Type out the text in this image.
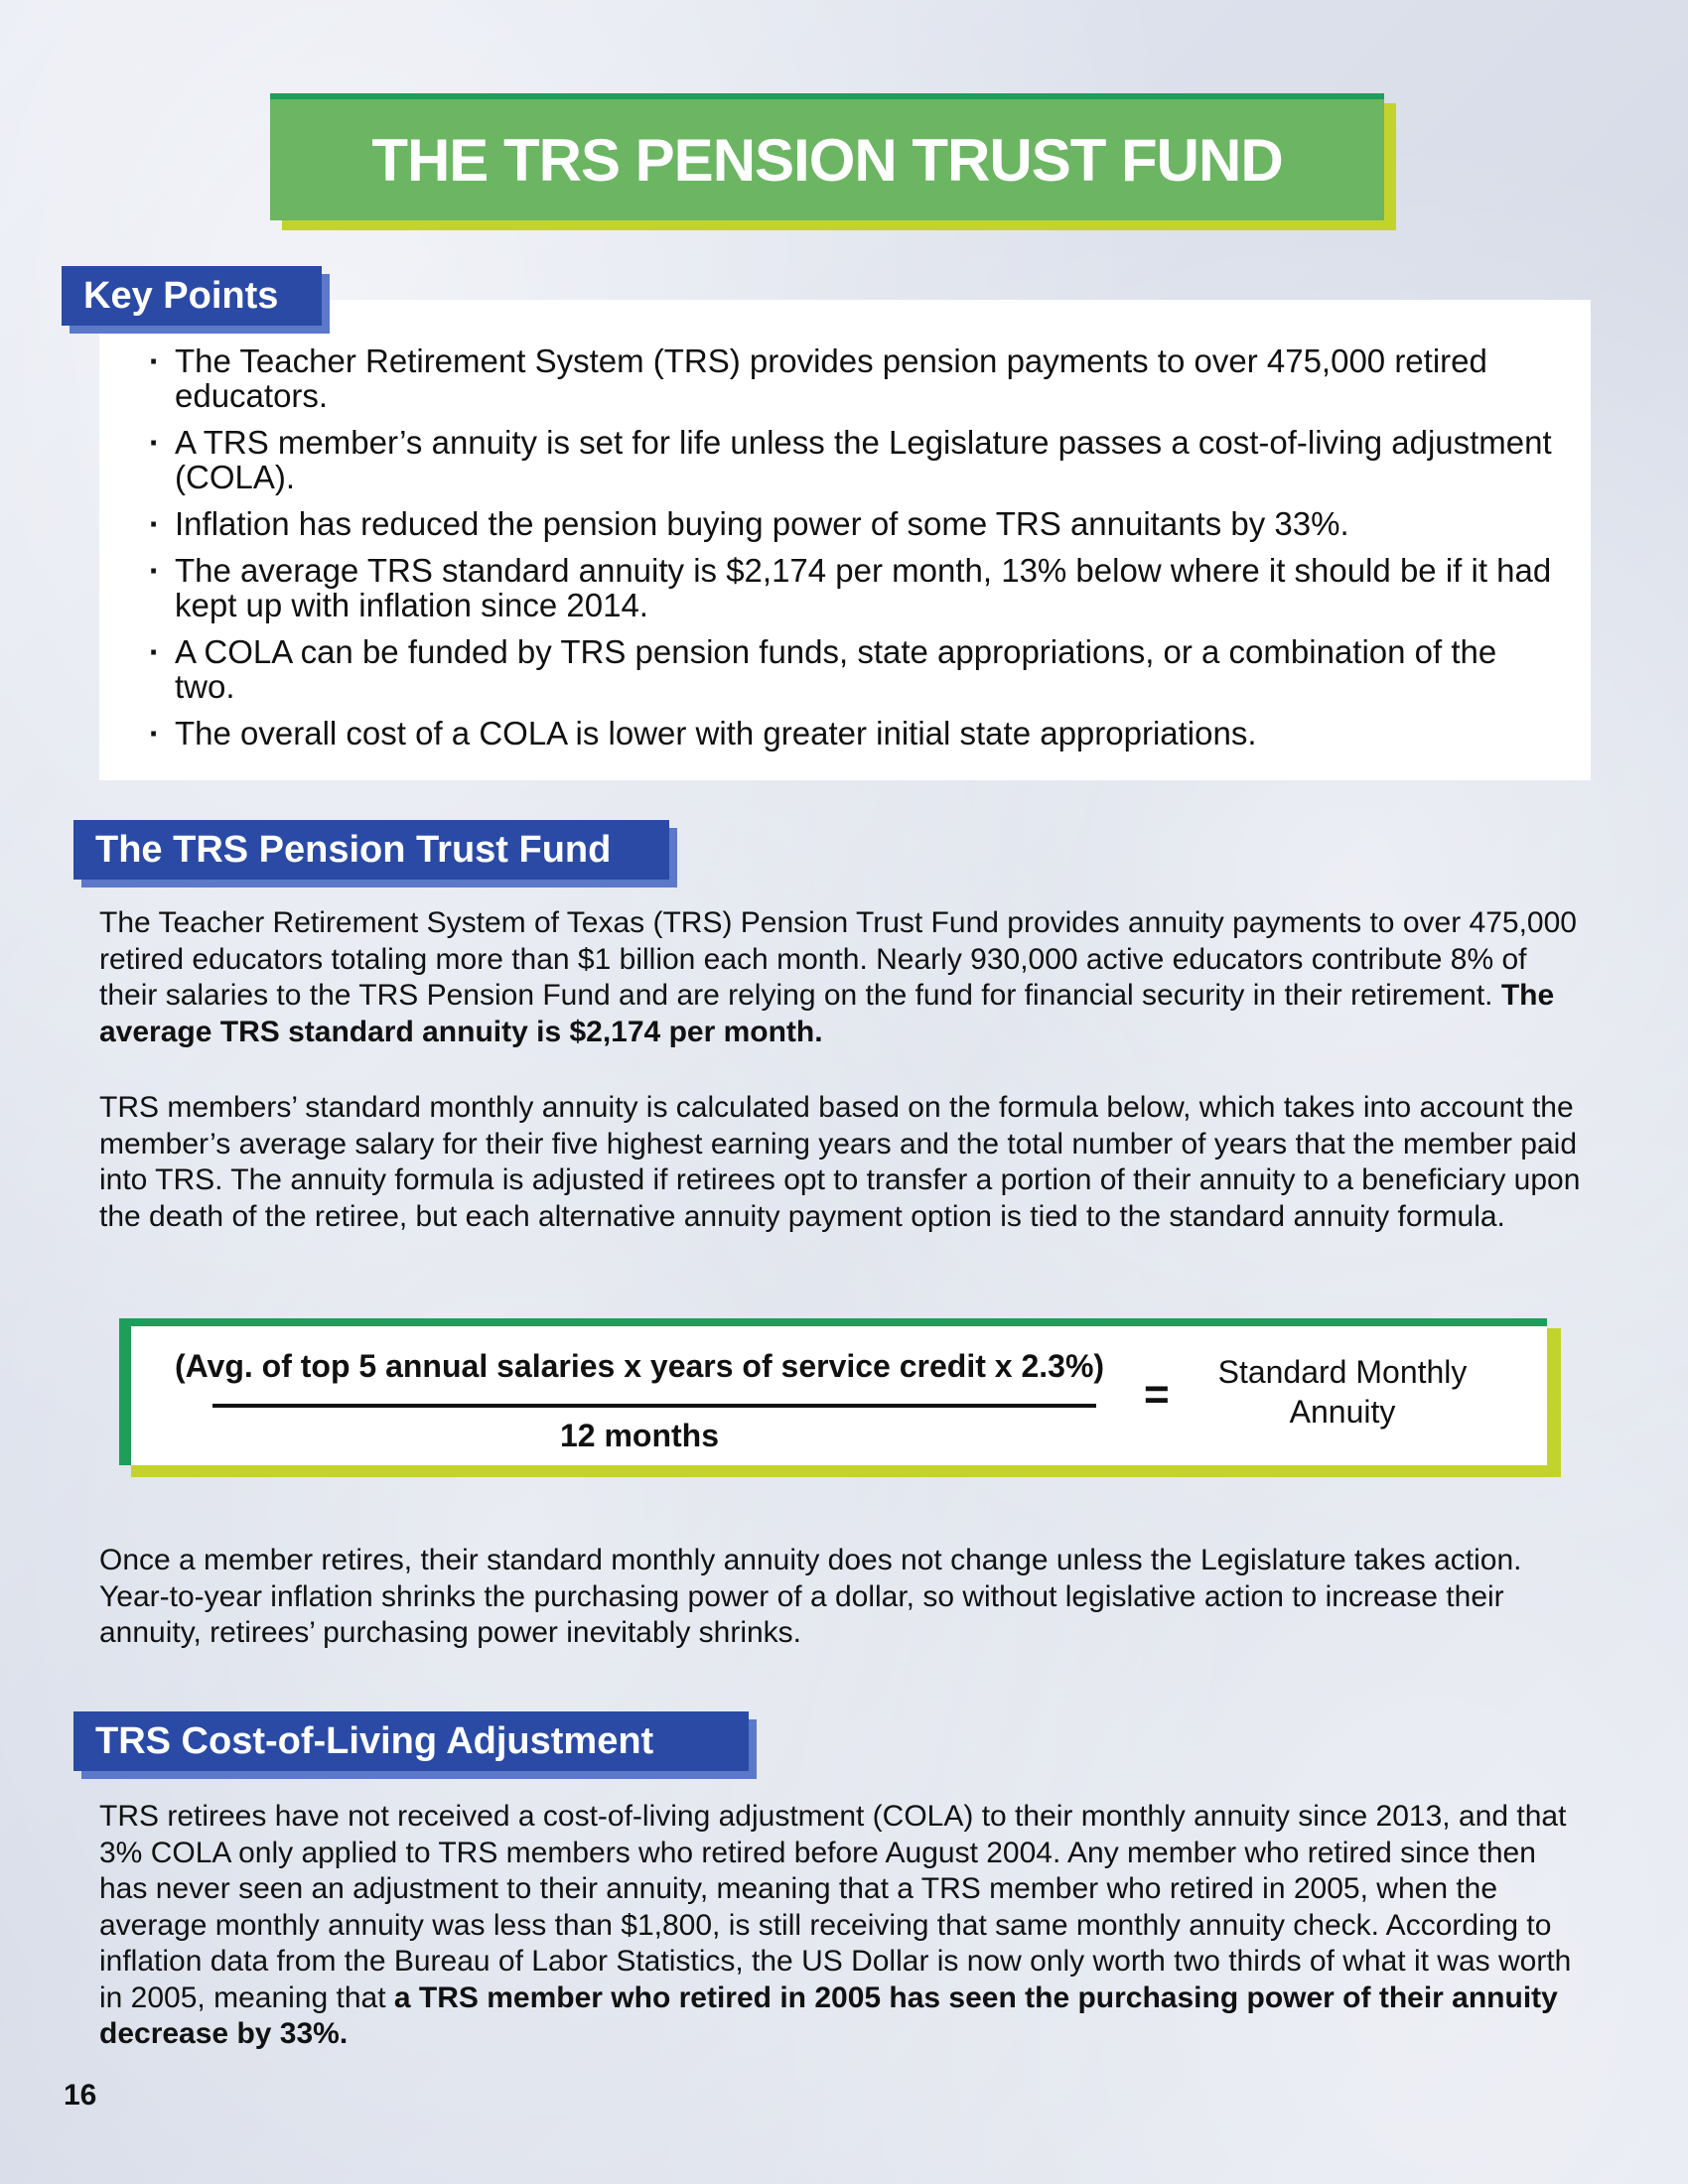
THE TRS PENSION TRUST FUND
Key Points
· The Teacher Retirement System (TRS) provides pension payments to over 475,000 retired educators.
· A TRS member’s annuity is set for life unless the Legislature passes a cost-of-living adjustment (COLA).
· Inflation has reduced the pension buying power of some TRS annuitants by 33%.
· The average TRS standard annuity is $2,174 per month, 13% below where it should be if it had kept up with inflation since 2014.
· A COLA can be funded by TRS pension funds, state appropriations, or a combination of the two.
· The overall cost of a COLA is lower with greater initial state appropriations.
The TRS Pension Trust Fund

The Teacher Retirement System of Texas (TRS) Pension Trust Fund provides annuity payments to over 475,000 retired educators totaling more than $1 billion each month. Nearly 930,000 active educators contribute 8% of their salaries to the TRS Pension Fund and are relying on the fund for financial security in their retirement. The average TRS standard annuity is $2,174 per month.

TRS members’ standard monthly annuity is calculated based on the formula below, which takes into account the member’s average salary for their five highest earning years and the total number of years that the member paid into TRS. The annuity formula is adjusted if retirees opt to transfer a portion of their annuity to a beneficiary upon the death of the retiree, but each alternative annuity payment option is tied to the standard annuity formula.

(Avg. of top 5 annual salaries x years of service credit x 2.3%)
12 months
=	Standard Monthly Annuity

Once a member retires, their standard monthly annuity does not change unless the Legislature takes action. Year-to-year inflation shrinks the purchasing power of a dollar, so without legislative action to increase their annuity, retirees’ purchasing power inevitably shrinks.

TRS Cost-of-Living Adjustment

TRS retirees have not received a cost-of-living adjustment (COLA) to their monthly annuity since 2013, and that 3% COLA only applied to TRS members who retired before August 2004. Any member who retired since then has never seen an adjustment to their annuity, meaning that a TRS member who retired in 2005, when the average monthly annuity was less than $1,800, is still receiving that same monthly annuity check. According to inflation data from the Bureau of Labor Statistics, the US Dollar is now only worth two thirds of what it was worth in 2005, meaning that a TRS member who retired in 2005 has seen the purchasing power of their annuity decrease by 33%.

16
